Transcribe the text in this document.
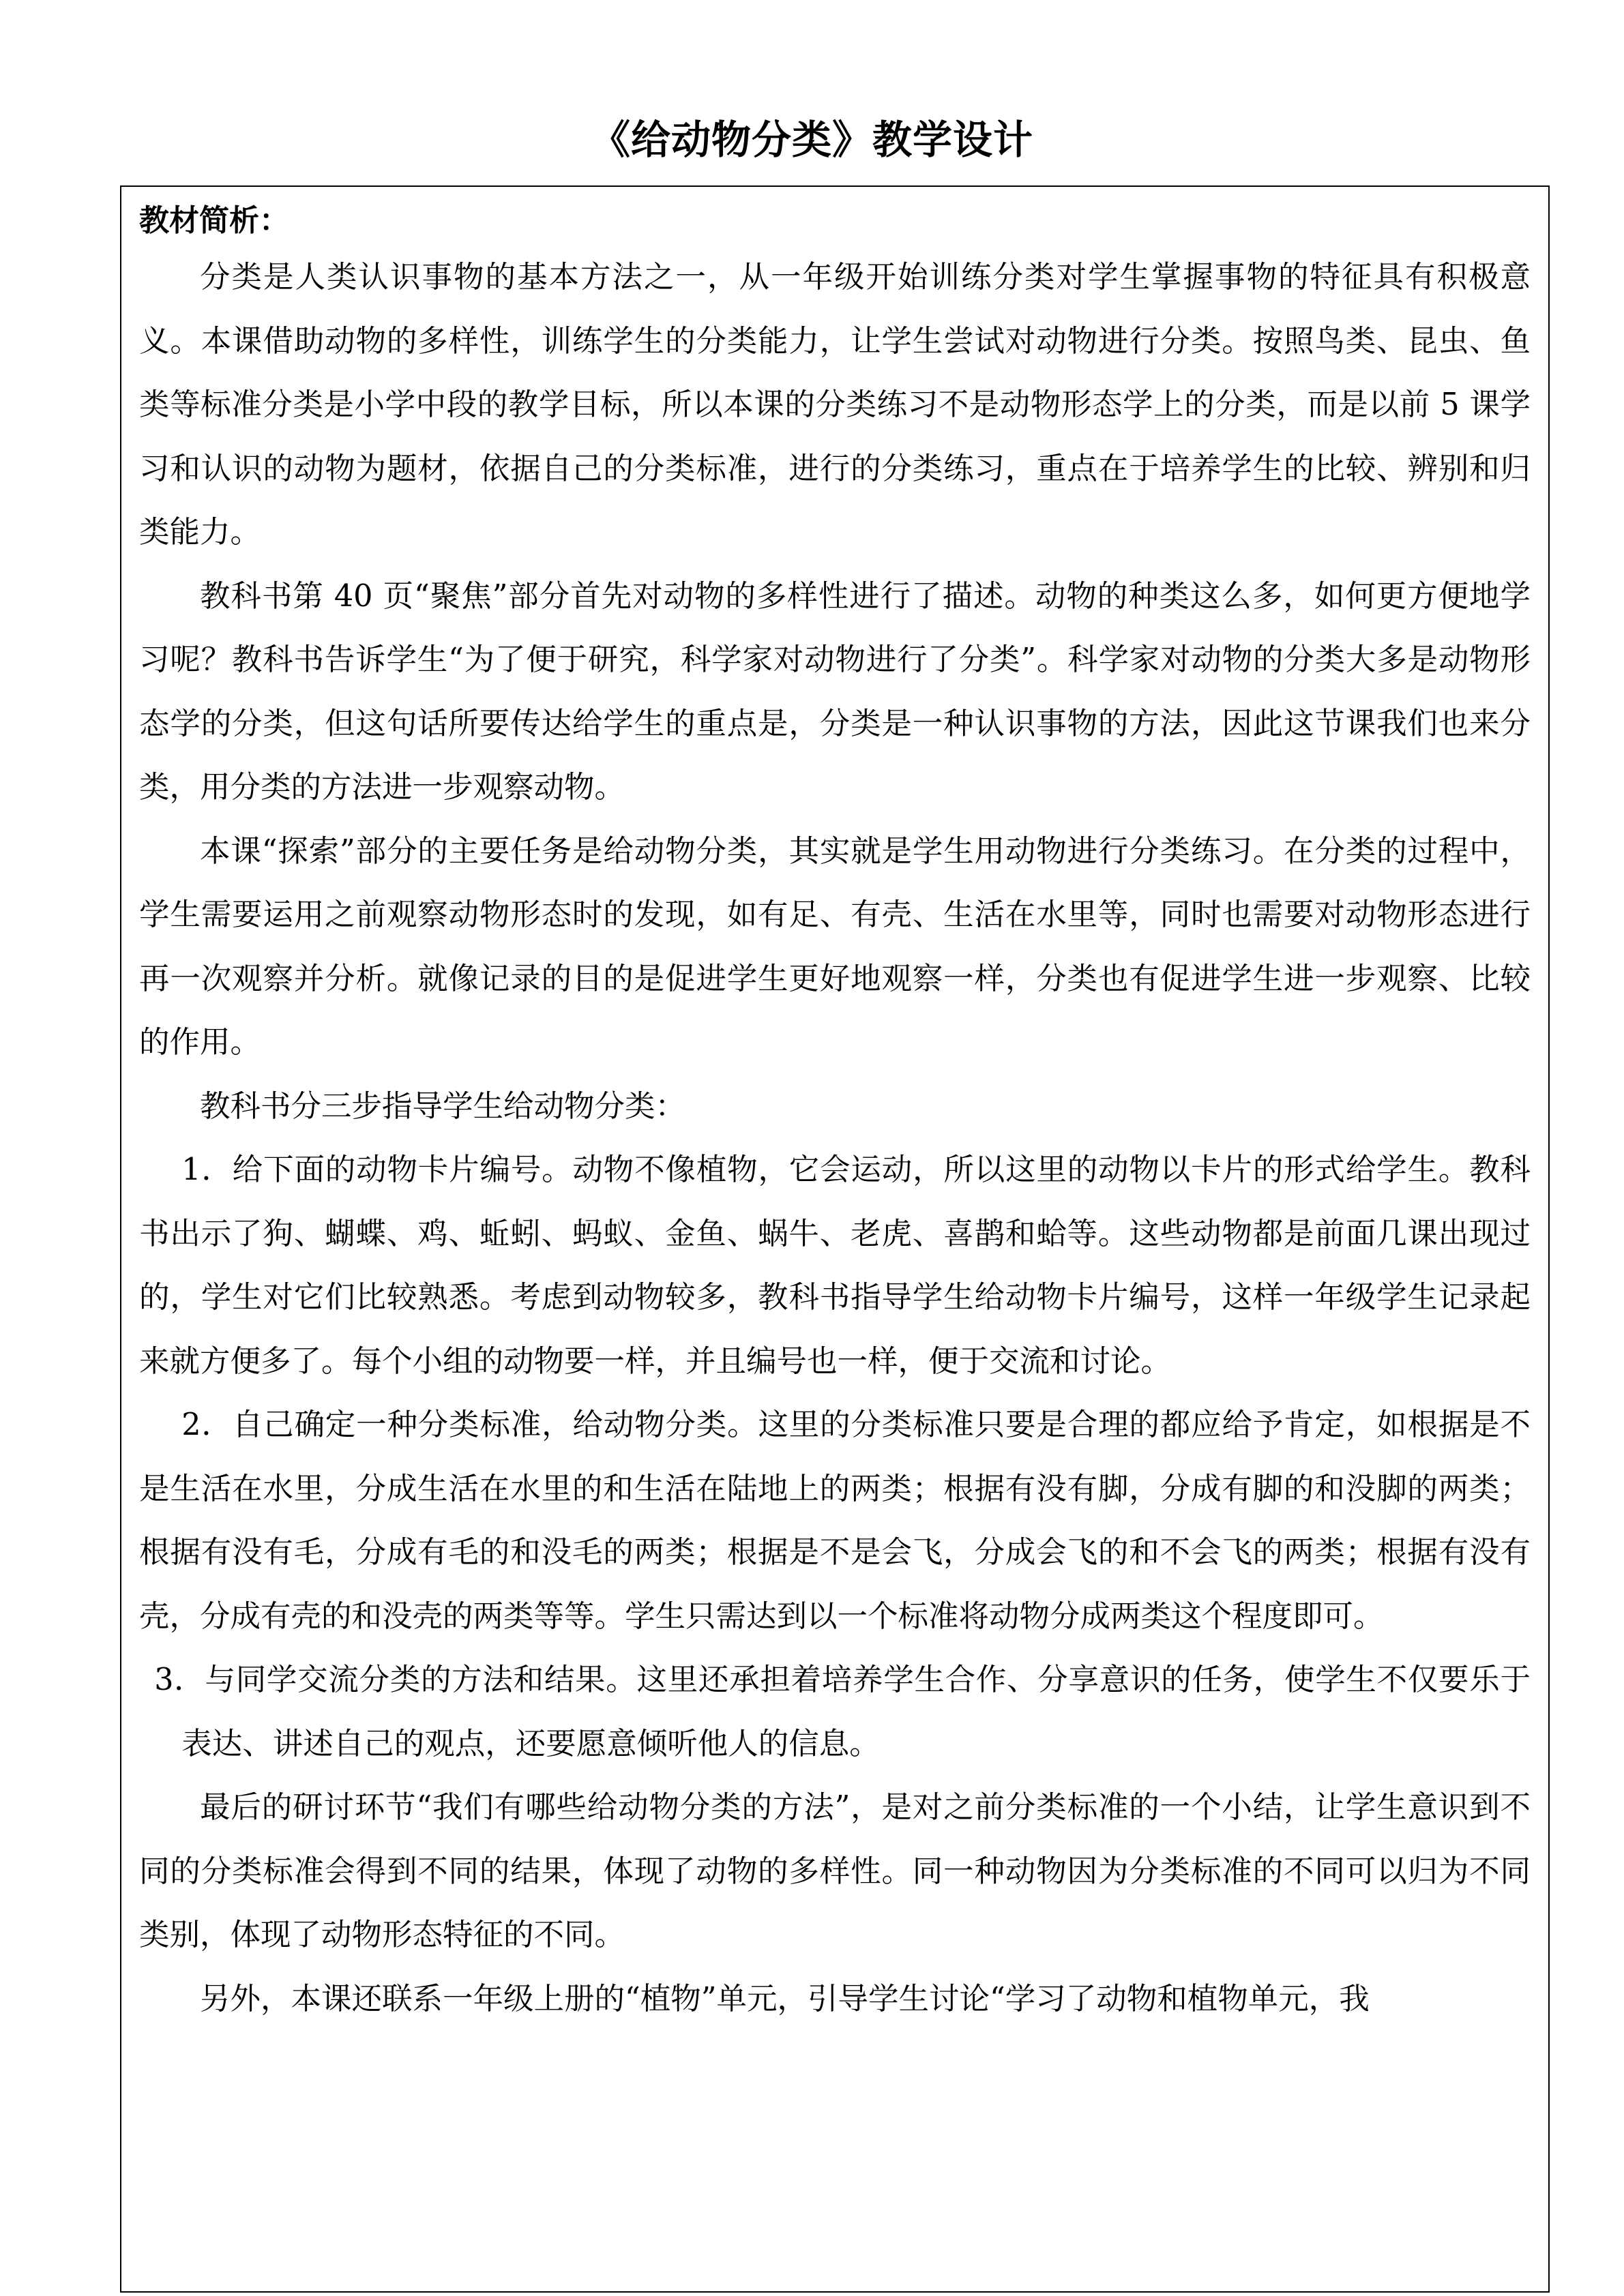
《给动物分类》教学设计
教材简析：

分类是人类认识事物的基本方法之一，从一年级开始训练分类对学生掌握事物的特征具有积极意义。本课借助动物的多样性，训练学生的分类能力，让学生尝试对动物进行分类。按照鸟类、昆虫、鱼类等标准分类是小学中段的教学目标，所以本课的分类练习不是动物形态学上的分类，而是以前 5 课学习和认识的动物为题材，依据自己的分类标准，进行的分类练习，重点在于培养学生的比较、辨别和归类能力。

教科书第 40 页“聚焦”部分首先对动物的多样性进行了描述。动物的种类这么多，如何更方便地学习呢？教科书告诉学生“为了便于研究，科学家对动物进行了分类”。科学家对动物的分类大多是动物形态学的分类，但这句话所要传达给学生的重点是，分类是一种认识事物的方法，因此这节课我们也来分类，用分类的方法进一步观察动物。

本课“探索”部分的主要任务是给动物分类，其实就是学生用动物进行分类练习。在分类的过程中，学生需要运用之前观察动物形态时的发现，如有足、有壳、生活在水里等，同时也需要对动物形态进行再一次观察并分析。就像记录的目的是促进学生更好地观察一样，分类也有促进学生进一步观察、比较的作用。

教科书分三步指导学生给动物分类：

1．给下面的动物卡片编号。动物不像植物，它会运动，所以这里的动物以卡片的形式给学生。教科书出示了狗、蝴蝶、鸡、蚯蚓、蚂蚁、金鱼、蜗牛、老虎、喜鹊和蛤等。这些动物都是前面几课出现过的，学生对它们比较熟悉。考虑到动物较多，教科书指导学生给动物卡片编号，这样一年级学生记录起来就方便多了。每个小组的动物要一样，并且编号也一样，便于交流和讨论。

2．自己确定一种分类标准，给动物分类。这里的分类标准只要是合理的都应给予肯定，如根据是不是生活在水里，分成生活在水里的和生活在陆地上的两类；根据有没有脚，分成有脚的和没脚的两类；根据有没有毛，分成有毛的和没毛的两类；根据是不是会飞，分成会飞的和不会飞的两类；根据有没有壳，分成有壳的和没壳的两类等等。学生只需达到以一个标准将动物分成两类这个程度即可。

3．与同学交流分类的方法和结果。这里还承担着培养学生合作、分享意识的任务，使学生不仅要乐于表达、讲述自己的观点，还要愿意倾听他人的信息。

最后的研讨环节“我们有哪些给动物分类的方法”，是对之前分类标准的一个小结，让学生意识到不同的分类标准会得到不同的结果，体现了动物的多样性。同一种动物因为分类标准的不同可以归为不同类别，体现了动物形态特征的不同。

另外，本课还联系一年级上册的“植物”单元，引导学生讨论“学习了动物和植物单元，我
